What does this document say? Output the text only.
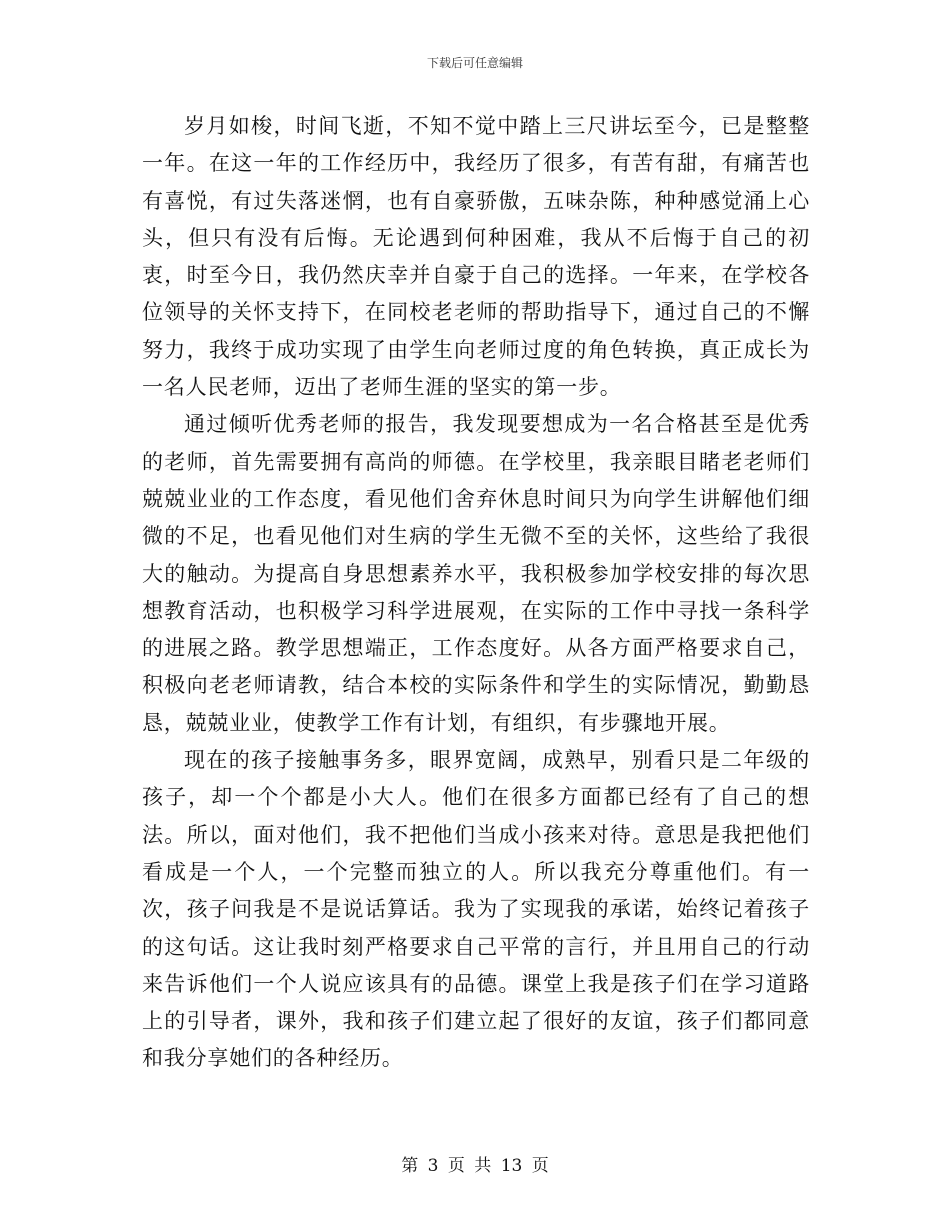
下载后可任意编辑

岁月如梭，时间飞逝，不知不觉中踏上三尺讲坛至今，已是整整一年。在这一年的工作经历中，我经历了很多，有苦有甜，有痛苦也有喜悦，有过失落迷惘，也有自豪骄傲，五味杂陈，种种感觉涌上心头，但只有没有后悔。无论遇到何种困难，我从不后悔于自己的初衷，时至今日，我仍然庆幸并自豪于自己的选择。一年来，在学校各位领导的关怀支持下，在同校老老师的帮助指导下，通过自己的不懈努力，我终于成功实现了由学生向老师过度的角色转换，真正成长为一名人民老师，迈出了老师生涯的坚实的第一步。

通过倾听优秀老师的报告，我发现要想成为一名合格甚至是优秀的老师，首先需要拥有高尚的师德。在学校里，我亲眼目睹老老师们兢兢业业的工作态度，看见他们舍弃休息时间只为向学生讲解他们细微的不足，也看见他们对生病的学生无微不至的关怀，这些给了我很大的触动。为提高自身思想素养水平，我积极参加学校安排的每次思想教育活动，也积极学习科学进展观，在实际的工作中寻找一条科学的进展之路。教学思想端正，工作态度好。从各方面严格要求自己，积极向老老师请教，结合本校的实际条件和学生的实际情况，勤勤恳恳，兢兢业业，使教学工作有计划，有组织，有步骤地开展。

现在的孩子接触事务多，眼界宽阔，成熟早，别看只是二年级的孩子，却一个个都是小大人。他们在很多方面都已经有了自己的想法。所以，面对他们，我不把他们当成小孩来对待。意思是我把他们看成是一个人，一个完整而独立的人。所以我充分尊重他们。有一次，孩子问我是不是说话算话。我为了实现我的承诺，始终记着孩子的这句话。这让我时刻严格要求自己平常的言行，并且用自己的行动来告诉他们一个人说应该具有的品德。课堂上我是孩子们在学习道路上的引导者，课外，我和孩子们建立起了很好的友谊，孩子们都同意和我分享她们的各种经历。

第 3 页 共 13 页
